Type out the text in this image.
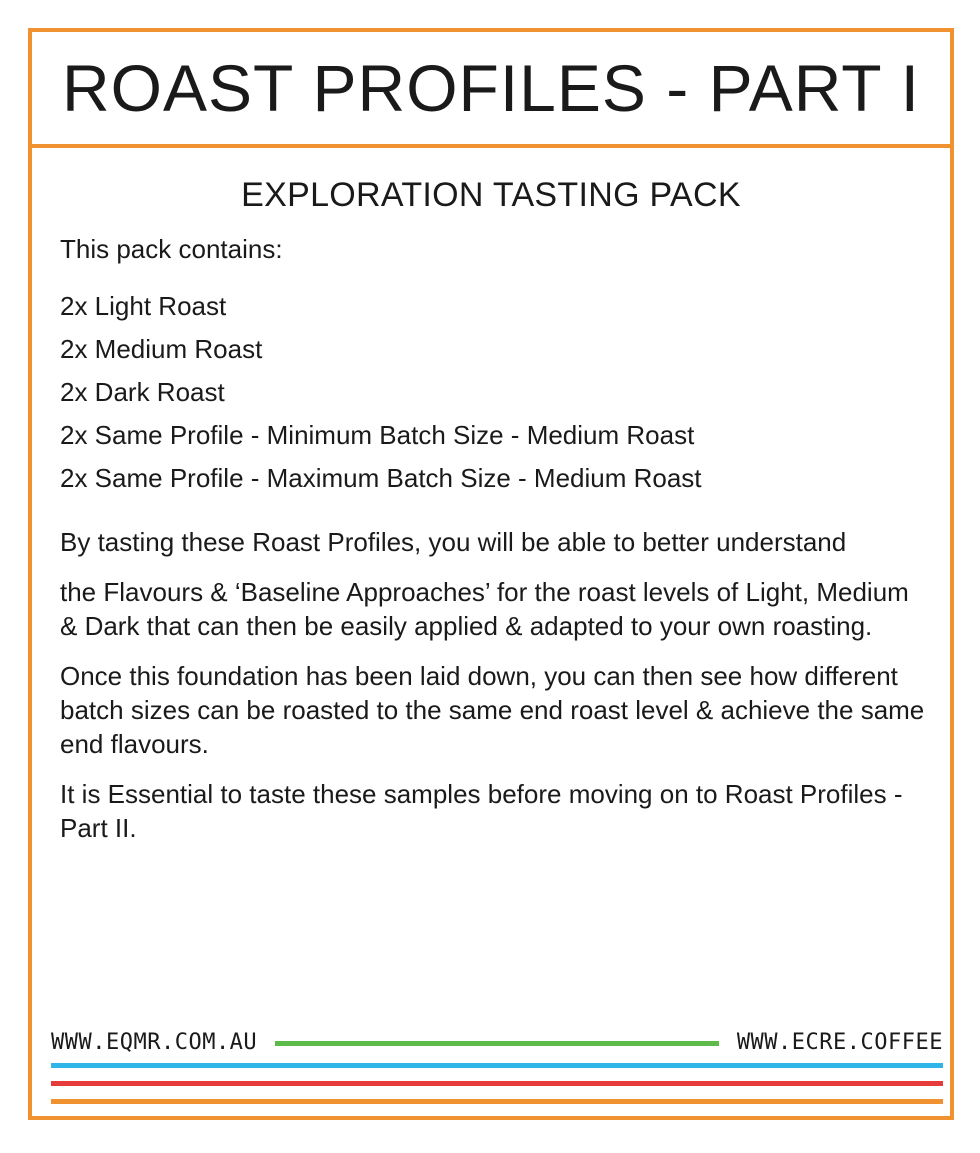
ROAST PROFILES - PART I
EXPLORATION TASTING PACK

This pack contains:

2x Light Roast

2x Medium Roast

2x Dark Roast

2x Same Profile - Minimum Batch Size - Medium Roast

2x Same Profile - Maximum Batch Size - Medium Roast

By tasting these Roast Profiles, you will be able to better understand

the Flavours & ‘Baseline Approaches’ for the roast levels of Light, Medium & Dark that can then be easily applied & adapted to your own roasting.

Once this foundation has been laid down, you can then see how different batch sizes can be roasted to the same end roast level & achieve the same end flavours.

It is Essential to taste these samples before moving on to Roast Profiles - Part II.

WWW.EQMR.COM.AU	WWW.ECRE.COFFEE
